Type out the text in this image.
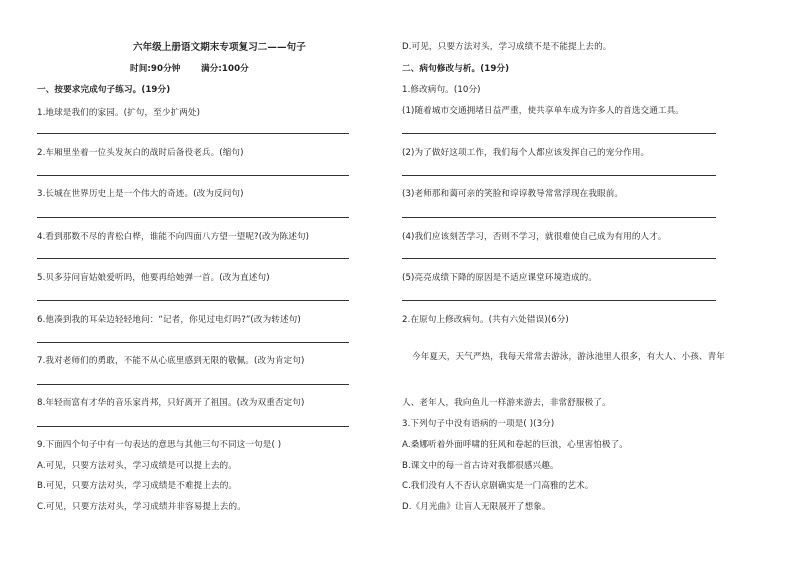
六年级上册语文期末专项复习二——句子
时间:90分钟 满分:100分
一、按要求完成句子练习。(19分)
1.地球是我们的家园。(扩句，至少扩两处)
2.车厢里坐着一位头发灰白的战时后备役老兵。(缩句)
3.长城在世界历史上是一个伟大的奇迹。(改为反问句)
4.看到那数不尽的青松白桦，谁能不向四面八方望一望呢?(改为陈述句)
5.贝多芬问盲姑娘爱听吗，他要再给她弹一首。(改为直述句)
6.他凑到我的耳朵边轻轻地问：“记者，你见过电灯吗?”(改为转述句)
7.我对老师们的勇敢，不能不从心底里感到无限的敬佩。(改为肯定句)
8.年轻而富有才华的音乐家肖邦，只好离开了祖国。(改为双重否定句)
9.下面四个句子中有一句表达的意思与其他三句不同这一句是( )
A.可见，只要方法对头，学习成绩是可以提上去的。
B.可见，只要方法对头，学习成绩是不难提上去的。
C.可见，只要方法对头，学习成绩并非容易提上去的。
D.可见，只要方法对头，学习成绩不是不能提上去的。
二、病句修改与析。(19分)
1.修改病句。(10分)
(1)随着城市交通拥堵日益严重，使共享单车成为许多人的首选交通工具。
(2)为了做好这项工作，我们每个人都应该发挥自己的宠分作用。
(3)老师那和蔼可亲的笑脸和谆谆教导常常浮现在我眼前。
(4)我们应该刻苦学习，否则不学习，就很难使自己成为有用的人才。
(5)亮亮成绩下降的原因是不适应课堂环境造成的。
2.在原句上修改病句。(共有六处错误)(6分)
今年夏天，天气严热，我每天常常去游泳，游泳池里人很多，有大人、小孩、青年
人、老年人，我向鱼儿一样游来游去，非常舒服极了。
3.下列句子中没有语病的一项是( )(3分)
A.桑娜听着外面呼啸的狂风和卷起的巨浪，心里害怕极了。
B.课文中的每一首古诗对我都很感兴趣。
C.我们没有人不否认京剧确实是一门高雅的艺术。
D.《月光曲》让盲人无限展开了想象。
